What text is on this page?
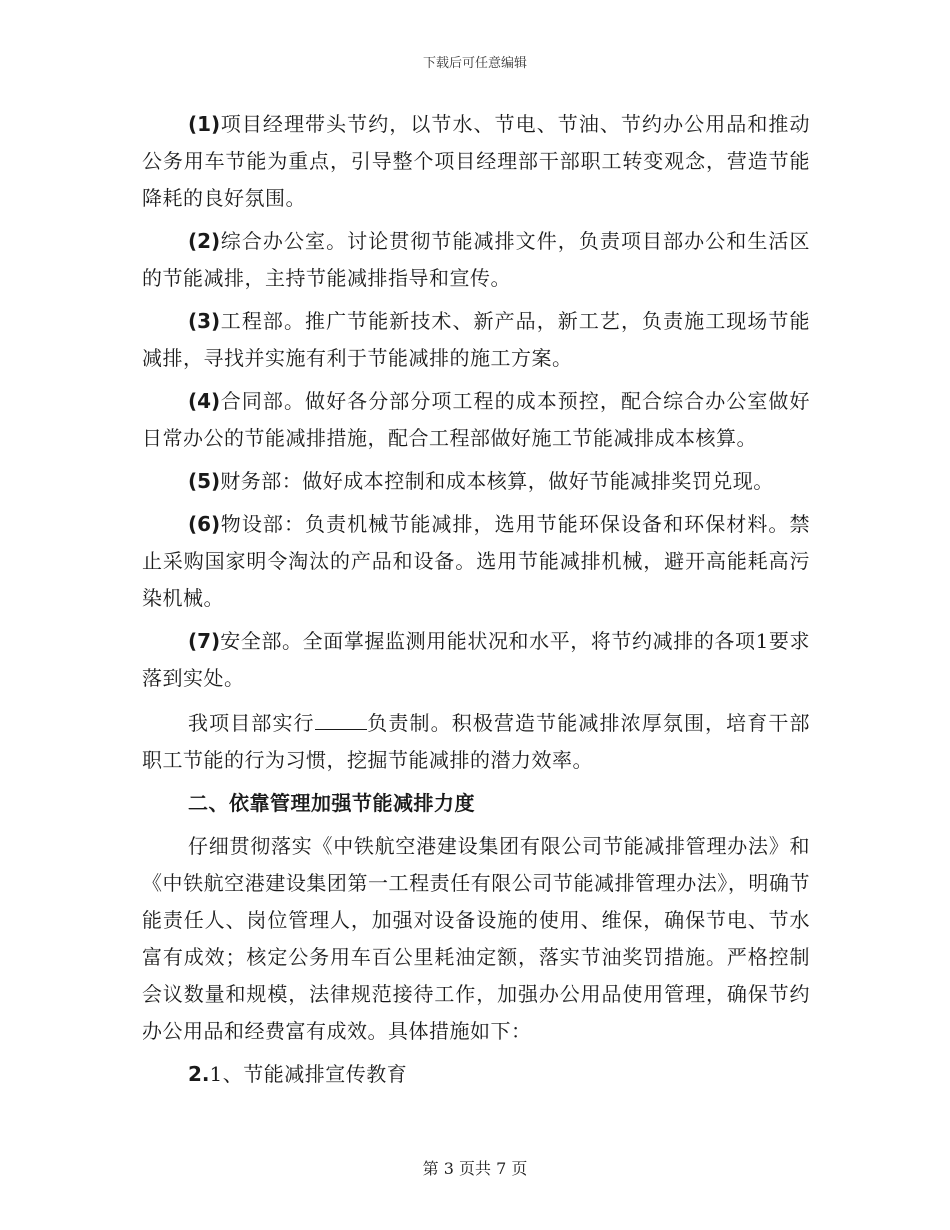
下载后可任意编辑

(1)项目经理带头节约，以节水、节电、节油、节约办公用品和推动公务用车节能为重点，引导整个项目经理部干部职工转变观念，营造节能降耗的良好氛围。

(2)综合办公室。讨论贯彻节能减排文件，负责项目部办公和生活区的节能减排，主持节能减排指导和宣传。

(3)工程部。推广节能新技术、新产品，新工艺，负责施工现场节能减排，寻找并实施有利于节能减排的施工方案。

(4)合同部。做好各分部分项工程的成本预控，配合综合办公室做好日常办公的节能减排措施，配合工程部做好施工节能减排成本核算。

(5)财务部：做好成本控制和成本核算，做好节能减排奖罚兑现。

(6)物设部：负责机械节能减排，选用节能环保设备和环保材料。禁止采购国家明令淘汰的产品和设备。选用节能减排机械，避开高能耗高污染机械。

(7)安全部。全面掌握监测用能状况和水平，将节约减排的各项1要求落到实处。

我项目部实行	负责制。积极营造节能减排浓厚氛围，培育干部职工节能的行为习惯，挖掘节能减排的潜力效率。

二、依靠管理加强节能减排力度

仔细贯彻落实《中铁航空港建设集团有限公司节能减排管理办法》和《中铁航空港建设集团第一工程责任有限公司节能减排管理办法》，明确节能责任人、岗位管理人，加强对设备设施的使用、维保，确保节电、节水富有成效；核定公务用车百公里耗油定额，落实节油奖罚措施。严格控制会议数量和规模，法律规范接待工作，加强办公用品使用管理，确保节约办公用品和经费富有成效。具体措施如下：

2.1、节能减排宣传教育

第 3 页共 7 页
